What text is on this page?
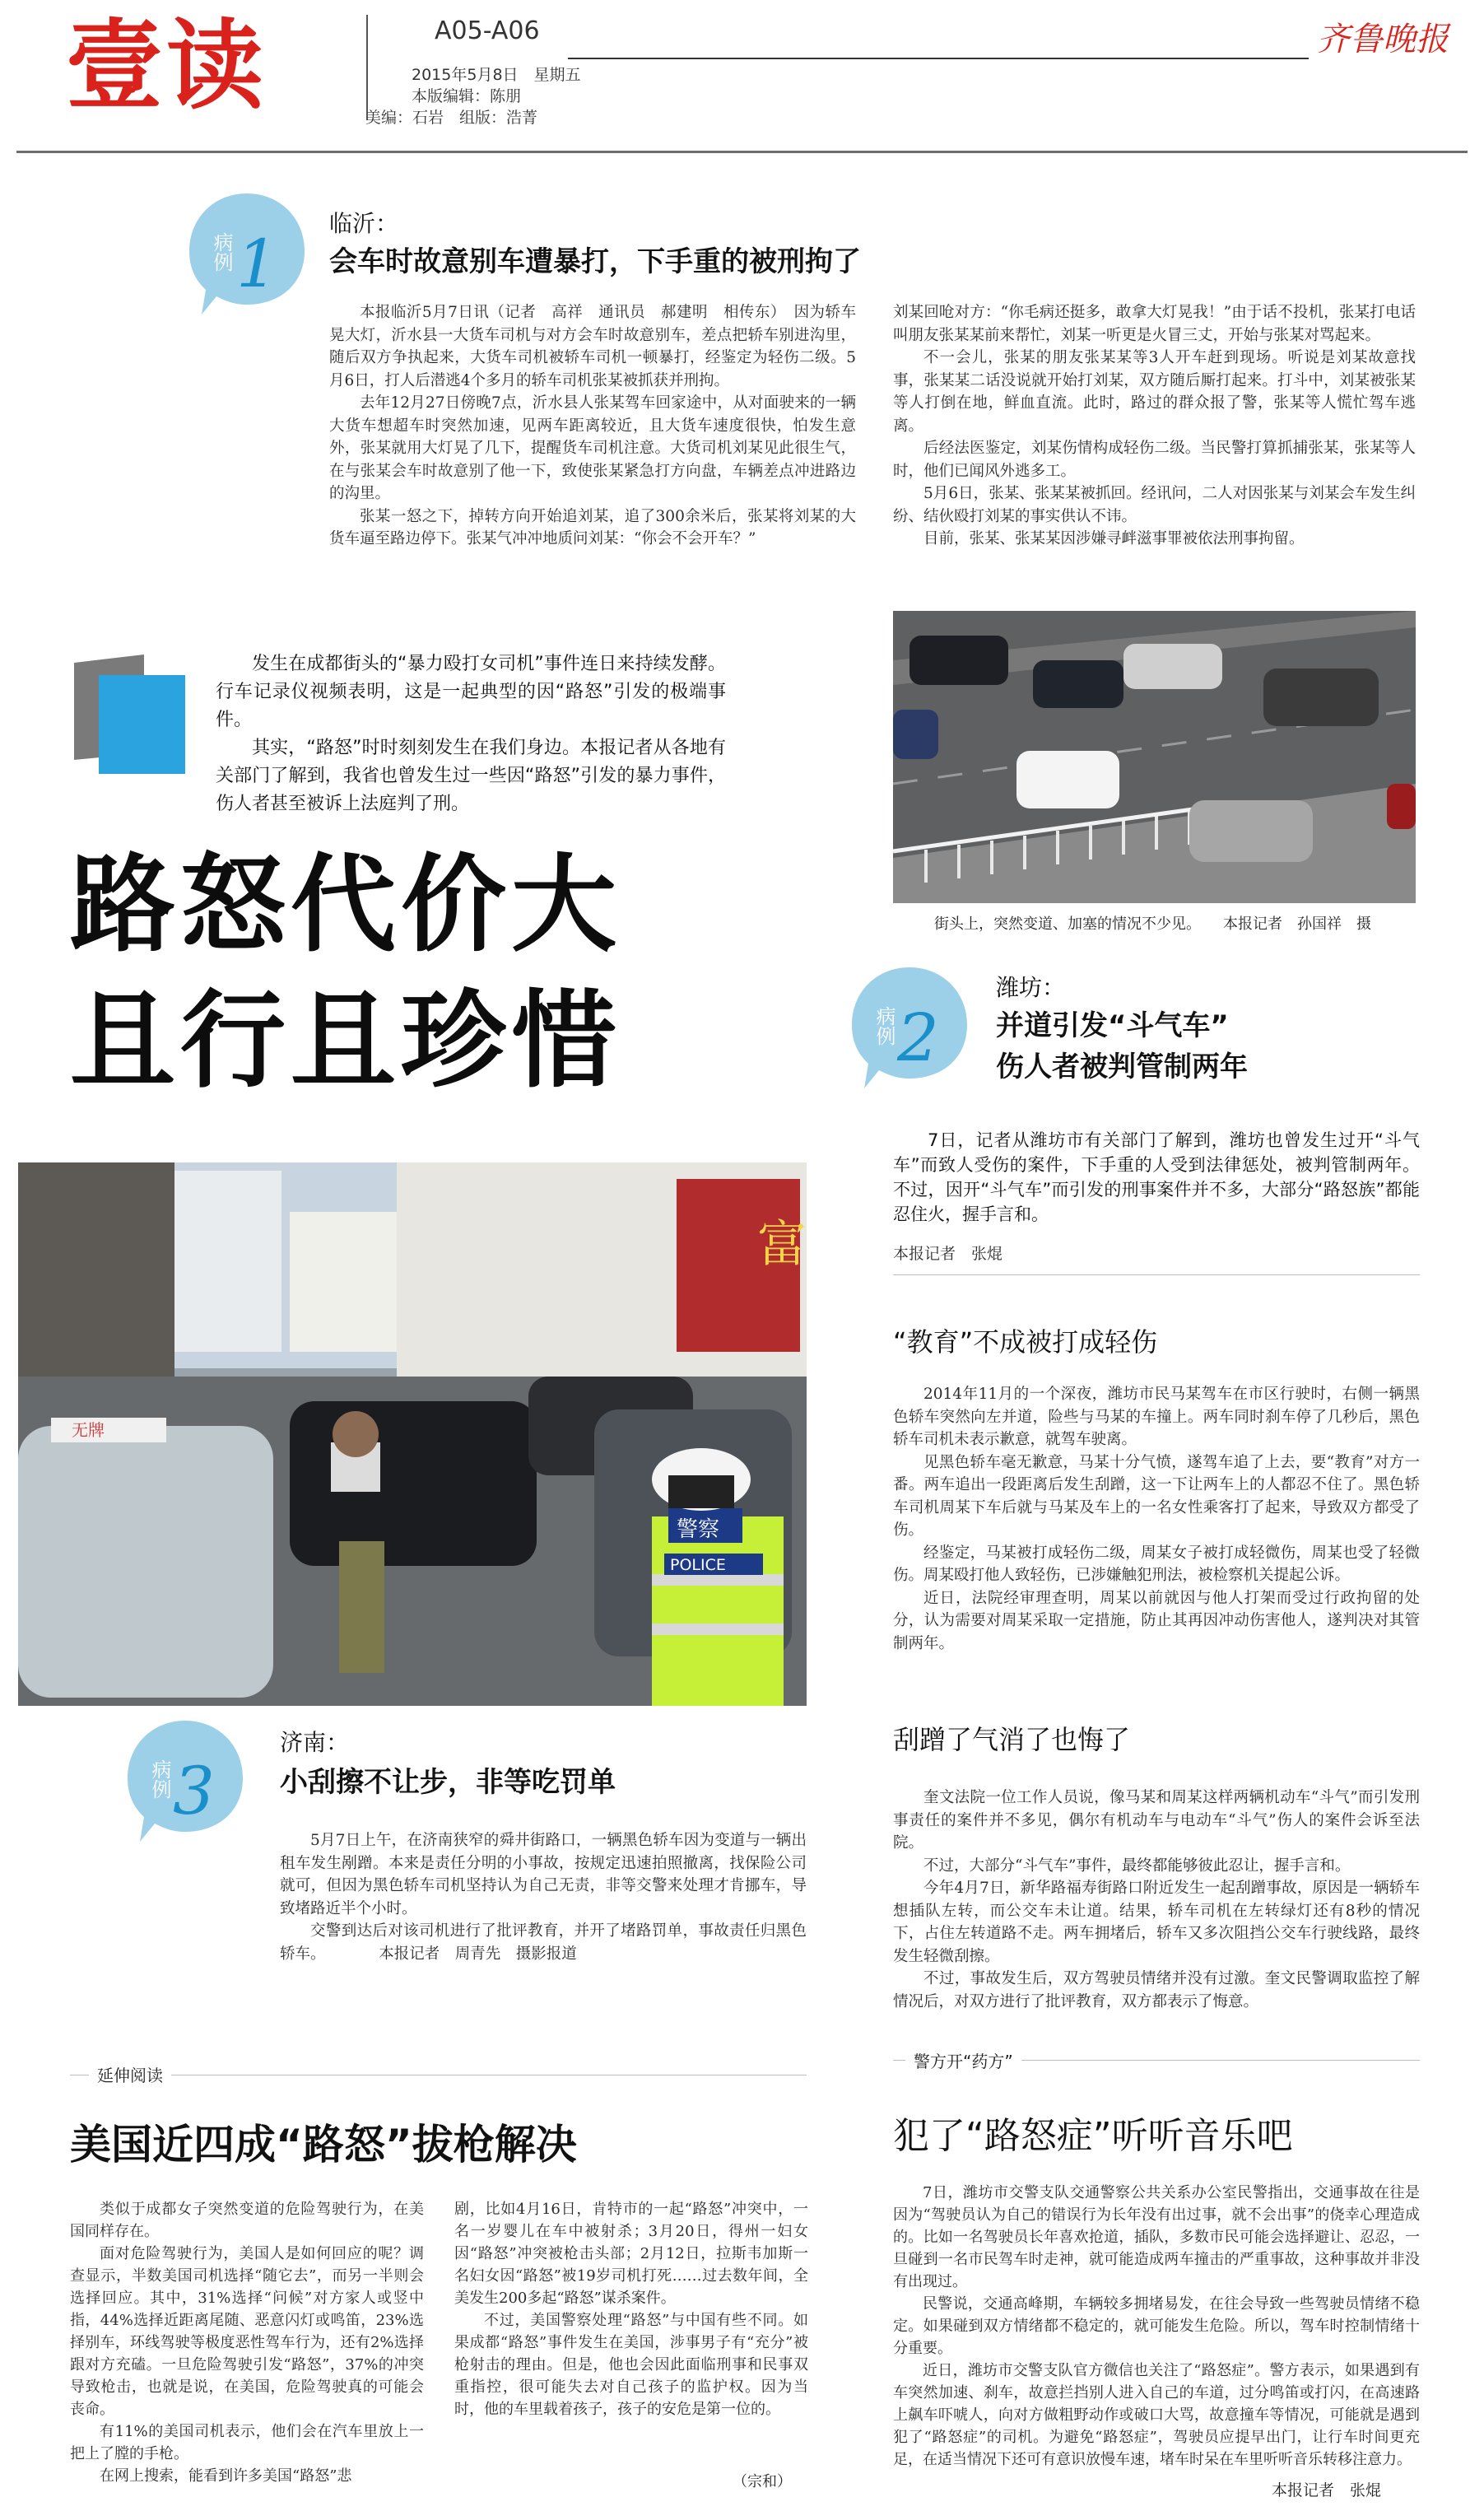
壹读	A05-A06
2015年5月8日　星期五
本版编辑：陈朋
美编：石岩　组版：浩菁
齐鲁晚报
病例 1
临沂：
会车时故意别车遭暴打，下手重的被刑拘了

本报临沂5月7日讯（记者　高祥　通讯员　郝建明　相传东）　因为轿车晃大灯，沂水县一大货车司机与对方会车时故意别车，差点把轿车别进沟里，随后双方争执起来，大货车司机被轿车司机一顿暴打，经鉴定为轻伤二级。5月6日，打人后潜逃4个多月的轿车司机张某被抓获并刑拘。

去年12月27日傍晚7点，沂水县人张某驾车回家途中，从对面驶来的一辆大货车想超车时突然加速，见两车距离较近，且大货车速度很快，怕发生意外，张某就用大灯晃了几下，提醒货车司机注意。大货司机刘某见此很生气，在与张某会车时故意别了他一下，致使张某紧急打方向盘，车辆差点冲进路边的沟里。

张某一怒之下，掉转方向开始追刘某，追了300余米后，张某将刘某的大货车逼至路边停下。张某气冲冲地质问刘某：“你会不会开车？”

刘某回呛对方：“你毛病还挺多，敢拿大灯晃我！”由于话不投机，张某打电话叫朋友张某某前来帮忙，刘某一听更是火冒三丈，开始与张某对骂起来。

不一会儿，张某的朋友张某某等3人开车赶到现场。听说是刘某故意找事，张某某二话没说就开始打刘某，双方随后厮打起来。打斗中，刘某被张某等人打倒在地，鲜血直流。此时，路过的群众报了警，张某等人慌忙驾车逃离。

后经法医鉴定，刘某伤情构成轻伤二级。当民警打算抓捕张某，张某等人时，他们已闻风外逃多工。

5月6日，张某、张某某被抓回。经讯问，二人对因张某与刘某会车发生纠纷、结伙殴打刘某的事实供认不讳。

目前，张某、张某某因涉嫌寻衅滋事罪被依法刑事拘留。

发生在成都街头的“暴力殴打女司机”事件连日来持续发酵。行车记录仪视频表明，这是一起典型的因“路怒”引发的极端事件。

其实，“路怒”时时刻刻发生在我们身边。本报记者从各地有关部门了解到，我省也曾发生过一些因“路怒”引发的暴力事件，伤人者甚至被诉上法庭判了刑。

路怒代价大
且行且珍惜
街头上，突然变道、加塞的情况不少见。　　本报记者　孙国祥　摄
病例 2
潍坊：
并道引发“斗气车”
伤人者被判管制两年

7日，记者从潍坊市有关部门了解到，潍坊也曾发生过开“斗气车”而致人受伤的案件，下手重的人受到法律惩处，被判管制两年。不过，因开“斗气车”而引发的刑事案件并不多，大部分“路怒族”都能忍住火，握手言和。

本报记者　张焜
“教育”不成被打成轻伤

2014年11月的一个深夜，潍坊市民马某驾车在市区行驶时，右侧一辆黑色轿车突然向左并道，险些与马某的车撞上。两车同时刹车停了几秒后，黑色轿车司机未表示歉意，就驾车驶离。

见黑色轿车毫无歉意，马某十分气愤，遂驾车追了上去，要“教育”对方一番。两车追出一段距离后发生刮蹭，这一下让两车上的人都忍不住了。黑色轿车司机周某下车后就与马某及车上的一名女性乘客打了起来，导致双方都受了伤。

经鉴定，马某被打成轻伤二级，周某女子被打成轻微伤，周某也受了轻微伤。周某殴打他人致轻伤，已涉嫌触犯刑法，被检察机关提起公诉。

近日，法院经审理查明，周某以前就因与他人打架而受过行政拘留的处分，认为需要对周某采取一定措施，防止其再因冲动伤害他人，遂判决对其管制两年。

刮蹭了气消了也悔了

奎文法院一位工作人员说，像马某和周某这样两辆机动车“斗气”而引发刑事责任的案件并不多见，偶尔有机动车与电动车“斗气”伤人的案件会诉至法院。

不过，大部分“斗气车”事件，最终都能够彼此忍让，握手言和。

今年4月7日，新华路福寿街路口附近发生一起刮蹭事故，原因是一辆轿车想插队左转，而公交车未让道。结果，轿车司机在左转绿灯还有8秒的情况下，占住左转道路不走。两车拥堵后，轿车又多次阻挡公交车行驶线路，最终发生轻微刮擦。

不过，事故发生后，双方驾驶员情绪并没有过激。奎文民警调取监控了解情况后，对双方进行了批评教育，双方都表示了悔意。

富
无牌
警察
POLICE
病例 3
济南：
小刮擦不让步，非等吃罚单

5月7日上午，在济南狭窄的舜井街路口，一辆黑色轿车因为变道与一辆出租车发生剐蹭。本来是责任分明的小事故，按规定迅速拍照撤离，找保险公司就可，但因为黑色轿车司机坚持认为自己无责，非等交警来处理才肯挪车，导致堵路近半个小时。

交警到达后对该司机进行了批评教育，并开了堵路罚单，事故责任归黑色轿车。　　　　本报记者　周青先　摄影报道

延伸阅读
美国近四成“路怒”拔枪解决

类似于成都女子突然变道的危险驾驶行为，在美国同样存在。

面对危险驾驶行为，美国人是如何回应的呢？调查显示，半数美国司机选择“随它去”，而另一半则会选择回应。其中，31%选择“问候”对方家人或竖中指，44%选择近距离尾随、恶意闪灯或鸣笛，23%选择别车，环线驾驶等极度恶性驾车行为，还有2%选择跟对方充磕。一旦危险驾驶引发“路怒”，37%的冲突导致枪击，也就是说，在美国，危险驾驶真的可能会丧命。

有11%的美国司机表示，他们会在汽车里放上一把上了膛的手枪。

在网上搜索，能看到许多美国“路怒”悲

剧，比如4月16日，肯特市的一起“路怒”冲突中，一名一岁婴儿在车中被射杀；3月20日，得州一妇女因“路怒”冲突被枪击头部；2月12日，拉斯韦加斯一名妇女因“路怒”被19岁司机打死……过去数年间，全美发生200多起“路怒”谋杀案件。

不过，美国警察处理“路怒”与中国有些不同。如果成都“路怒”事件发生在美国，涉事男子有“充分”被枪射击的理由。但是，他也会因此面临刑事和民事双重指控，很可能失去对自己孩子的监护权。因为当时，他的车里载着孩子，孩子的安危是第一位的。

（宗和）
警方开“药方”
犯了“路怒症”听听音乐吧

7日，潍坊市交警支队交通警察公共关系办公室民警指出，交通事故在往是因为“驾驶员认为自己的错误行为长年没有出过事，就不会出事”的侥幸心理造成的。比如一名驾驶员长年喜欢抢道，插队，多数市民可能会选择避让、忍忍，一旦碰到一名市民驾车时走神，就可能造成两车撞击的严重事故，这种事故并非没有出现过。

民警说，交通高峰期，车辆较多拥堵易发，在往会导致一些驾驶员情绪不稳定。如果碰到双方情绪都不稳定的，就可能发生危险。所以，驾车时控制情绪十分重要。

近日，潍坊市交警支队官方微信也关注了“路怒症”。警方表示，如果遇到有车突然加速、刹车，故意拦挡别人进入自己的车道，过分鸣笛或打闪，在高速路上飙车吓唬人，向对方做粗野动作或破口大骂，故意撞车等情况，可能就是遇到犯了“路怒症”的司机。为避免“路怒症”，驾驶员应提早出门，让行车时间更充足，在适当情况下还可有意识放慢车速，堵车时呆在车里听听音乐转移注意力。

本报记者　张焜
